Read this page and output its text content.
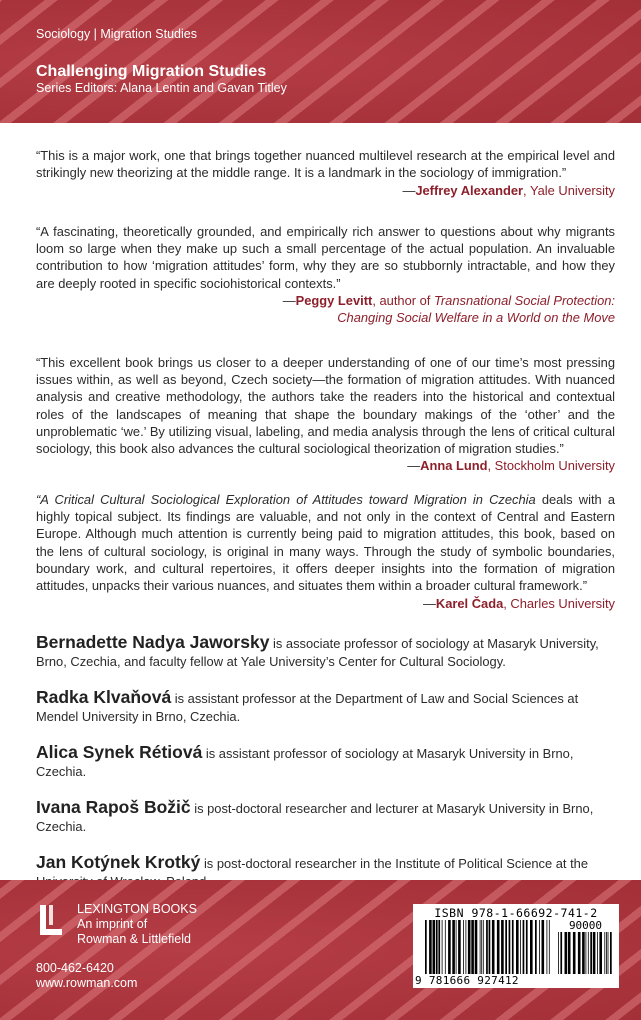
Sociology | Migration Studies
Challenging Migration Studies
Series Editors: Alana Lentin and Gavan Titley

“This is a major work, one that brings together nuanced multilevel research at the empirical level and strikingly new theorizing at the middle range. It is a landmark in the sociology of immigration.”

—Jeffrey Alexander, Yale University

“A fascinating, theoretically grounded, and empirically rich answer to questions about why migrants loom so large when they make up such a small percentage of the actual population. An invaluable contribution to how ‘migration attitudes’ form, why they are so stubbornly intractable, and how they are deeply rooted in specific sociohistorical contexts.”

—Peggy Levitt, author of Transnational Social Protection:

Changing Social Welfare in a World on the Move

“This excellent book brings us closer to a deeper understanding of one of our time’s most pressing issues within, as well as beyond, Czech society—the formation of migration attitudes. With nuanced analysis and creative methodology, the authors take the readers into the historical and contextual roles of the landscapes of meaning that shape the boundary makings of the ‘other’ and the unproblematic ‘we.’ By utilizing visual, labeling, and media analysis through the lens of critical cultural sociology, this book also advances the cultural sociological theorization of migration studies.”

—Anna Lund, Stockholm University

“A Critical Cultural Sociological Exploration of Attitudes toward Migration in Czechia deals with a highly topical subject. Its findings are valuable, and not only in the context of Central and Eastern Europe. Although much attention is currently being paid to migration attitudes, this book, based on the lens of cultural sociology, is original in many ways. Through the study of symbolic boundaries, boundary work, and cultural repertoires, it offers deeper insights into the formation of migration attitudes, unpacks their various nuances, and situates them within a broader cultural framework.”

—Karel Čada, Charles University

Bernadette Nadya Jaworsky is associate professor of sociology at Masaryk University, Brno, Czechia, and faculty fellow at Yale University’s Center for Cultural Sociology.

Radka Klvaňová is assistant professor at the Department of Law and Social Sciences at Mendel University in Brno, Czechia.

Alica Synek Rétiová is assistant professor of sociology at Masaryk University in Brno, Czechia.

Ivana Rapoš Božič is post-doctoral researcher and lecturer at Masaryk University in Brno, Czechia.

Jan Kotýnek Krotký is post-doctoral researcher in the Institute of Political Science at the

LEXINGTON BOOKS
An imprint of
Rowman & Littlefield
800-462-6420
www.rowman.com
ISBN 978-1-66692-741-2
90000
9 781666 927412
